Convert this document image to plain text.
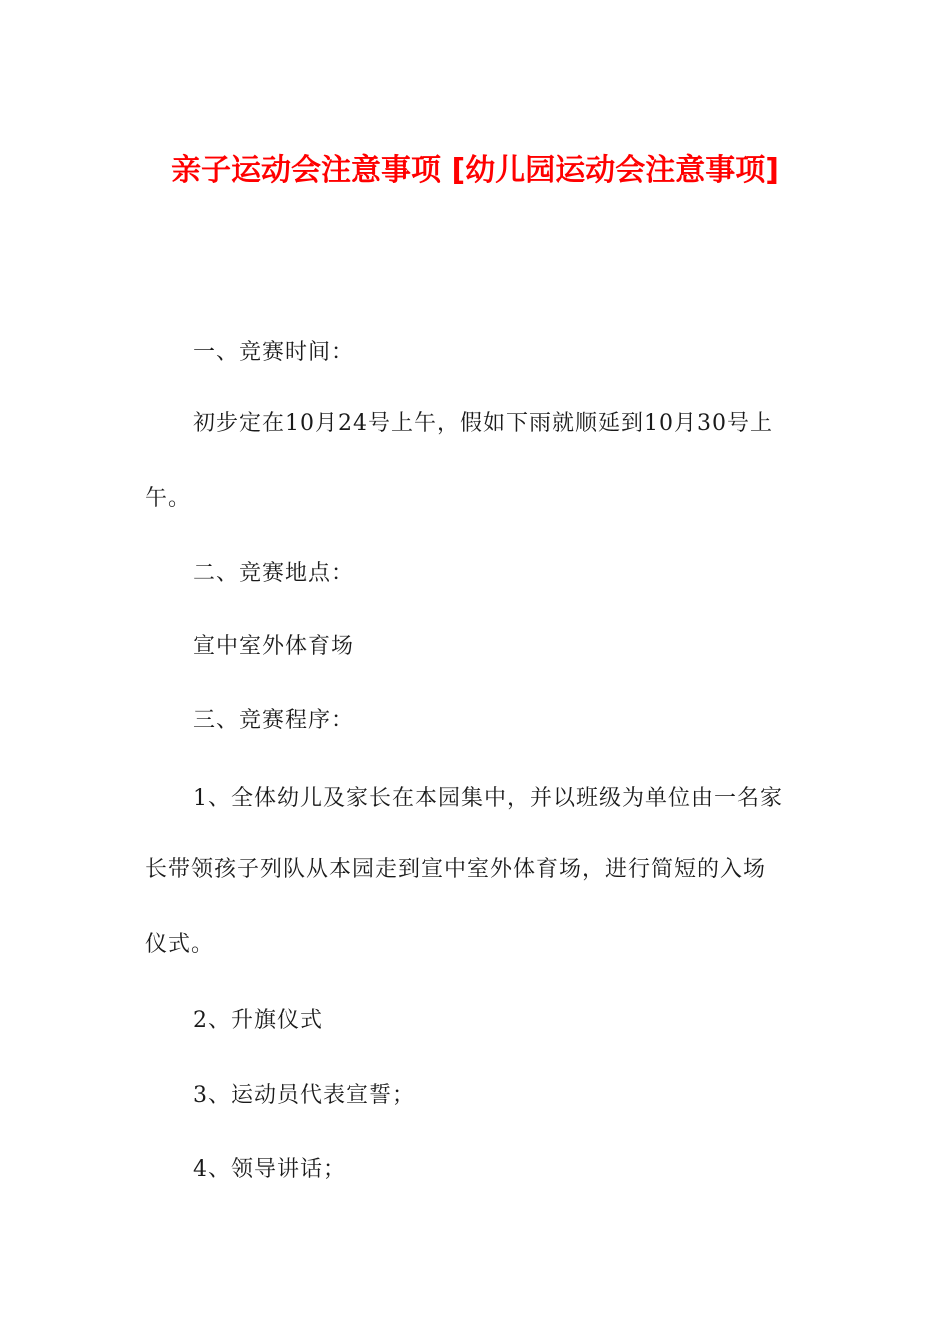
亲子运动会注意事项 [幼儿园运动会注意事项]

一、竞赛时间：

初步定在10月24号上午，假如下雨就顺延到10月30号上

午。

二、竞赛地点：

宣中室外体育场

三、竞赛程序：

1、全体幼儿及家长在本园集中，并以班级为单位由一名家

长带领孩子列队从本园走到宣中室外体育场，进行简短的入场

仪式。

2、升旗仪式

3、运动员代表宣誓；

4、领导讲话；
